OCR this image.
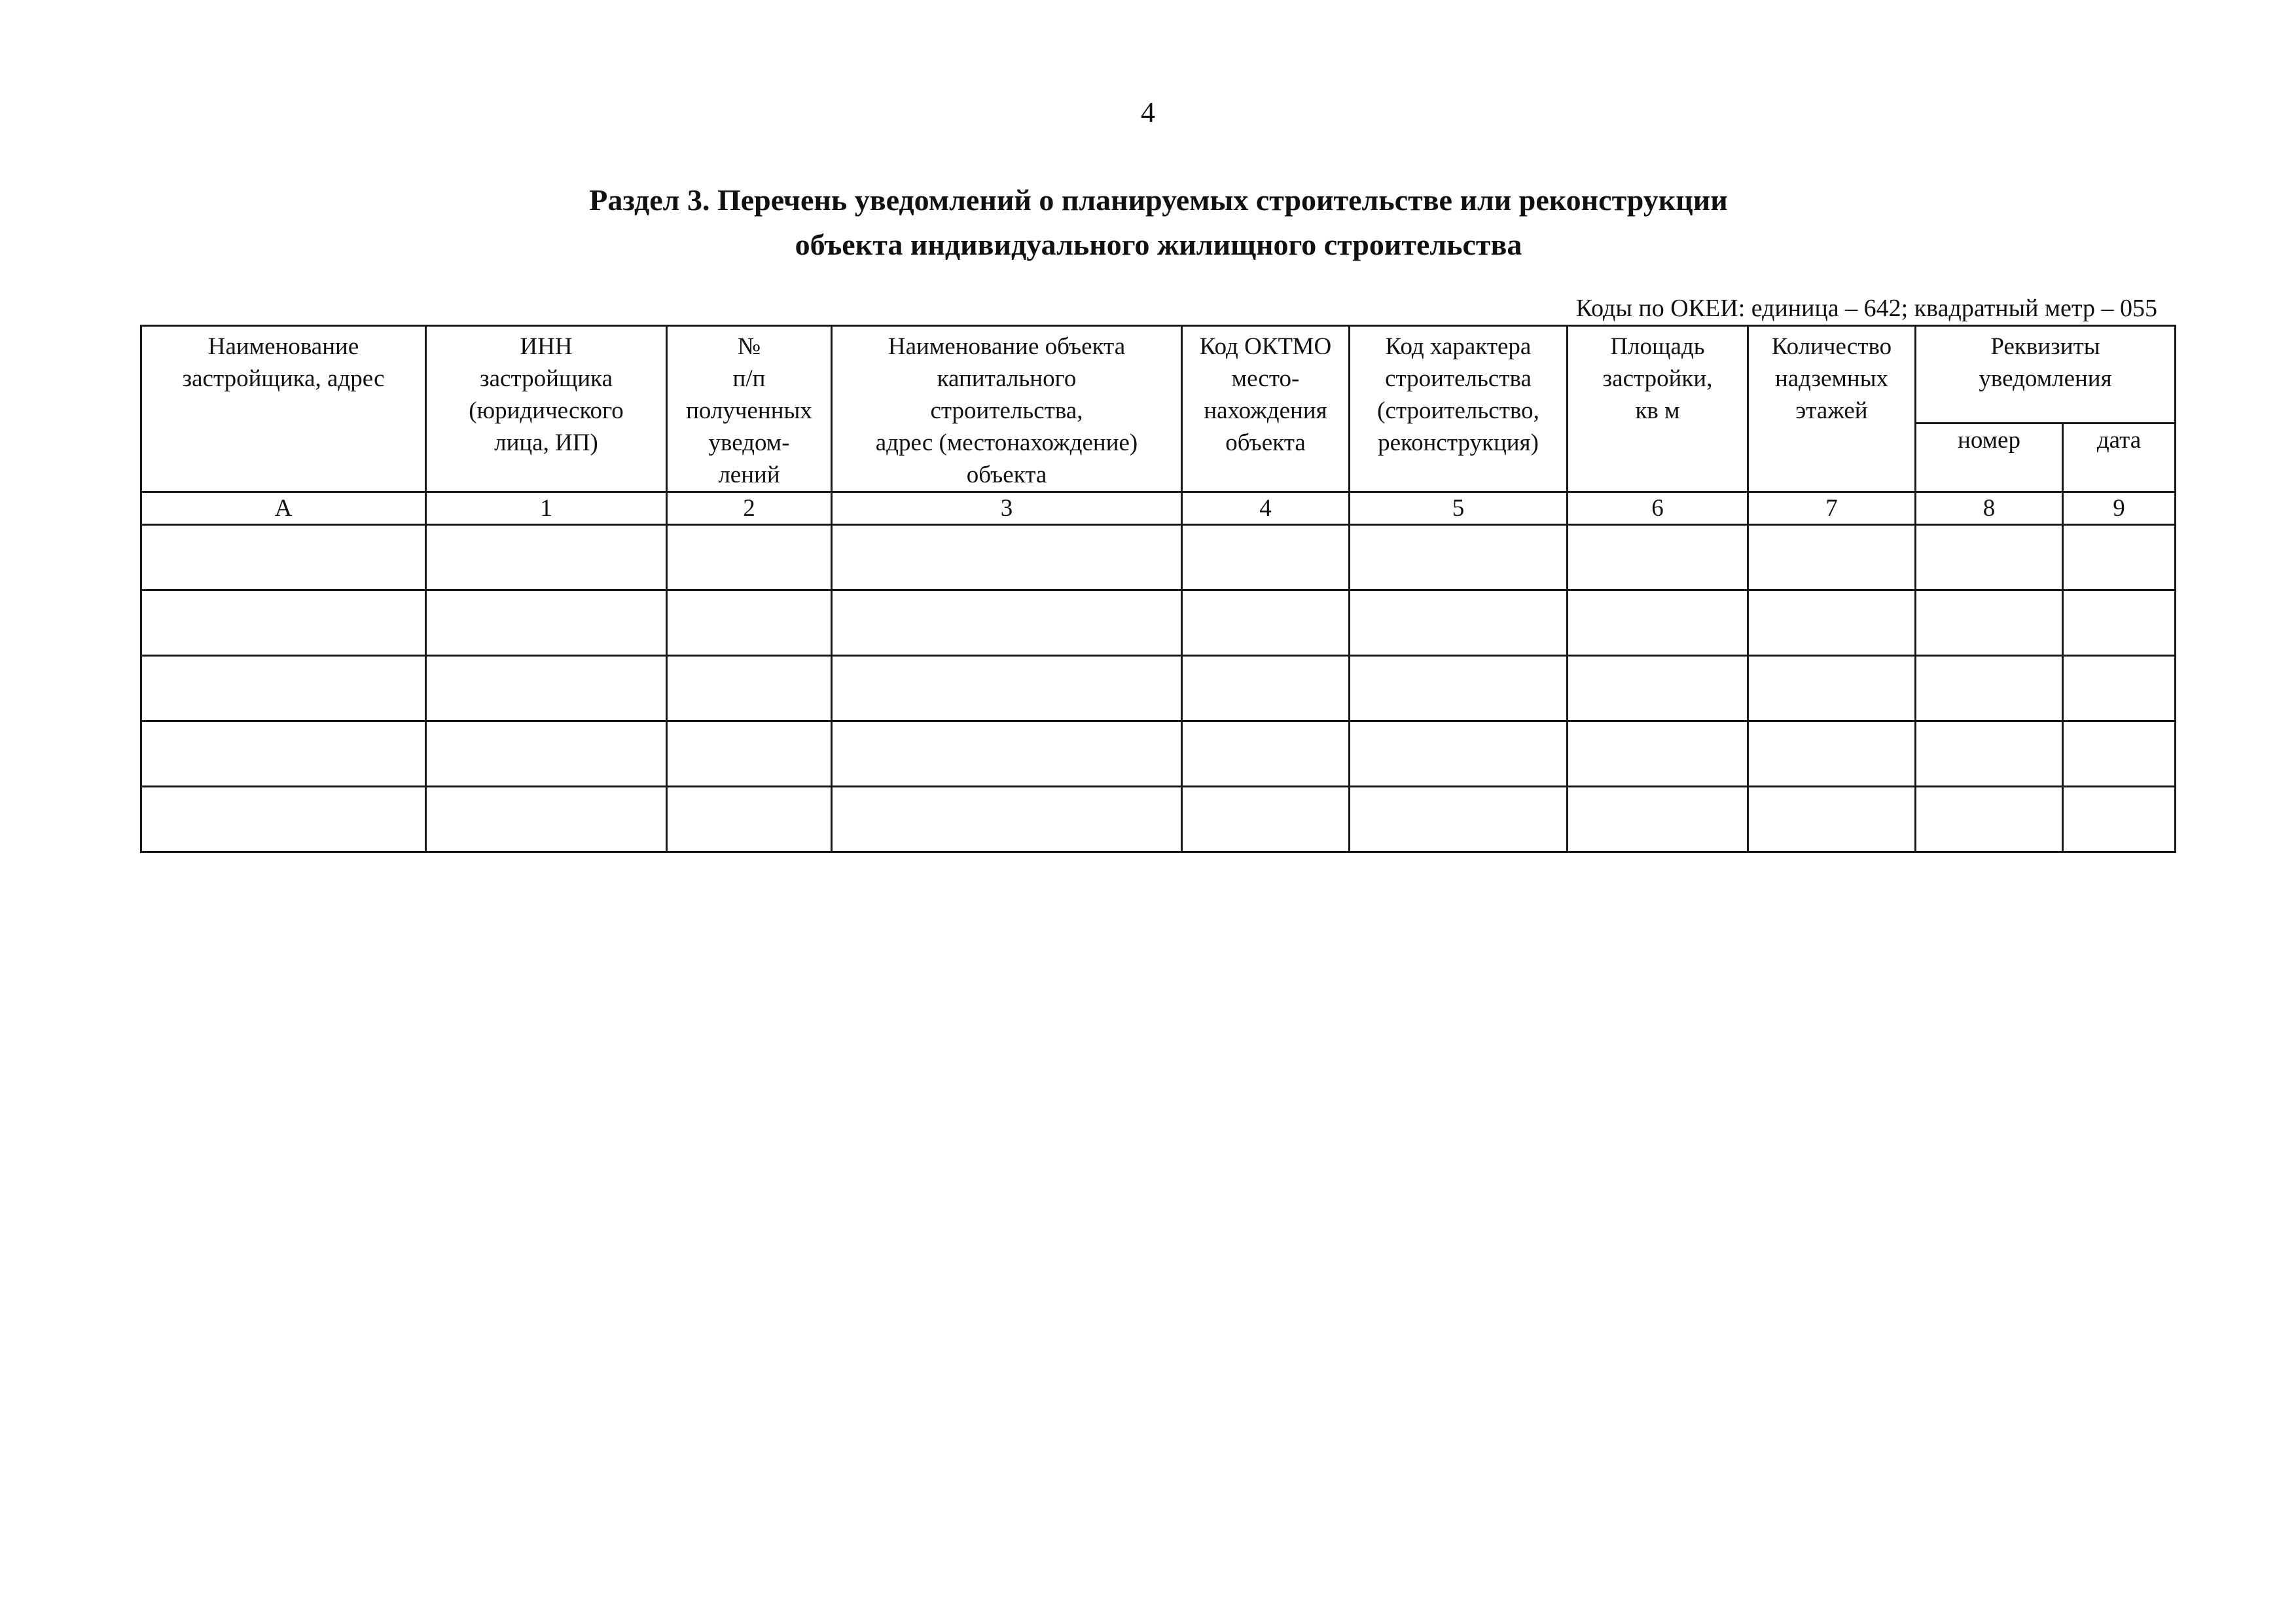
4
Раздел 3. Перечень уведомлений о планируемых строительстве или реконструкции
объекта индивидуального жилищного строительства
Коды по ОКЕИ: единица – 642; квадратный метр – 055
Наименование
застройщика, адрес	ИНН
застройщика
(юридического
лица, ИП)	№
п/п
полученных
уведом-
лений	Наименование объекта
капитального
строительства,
адрес (местонахождение)
объекта	Код ОКТМО
место-
нахождения
объекта	Код характера
строительства
(строительство,
реконструкция)	Площадь
застройки,
кв м	Количество
надземных
этажей	Реквизиты
уведомления	

								номер	дата
А	1	2	3	4	5	6	7	8	9
